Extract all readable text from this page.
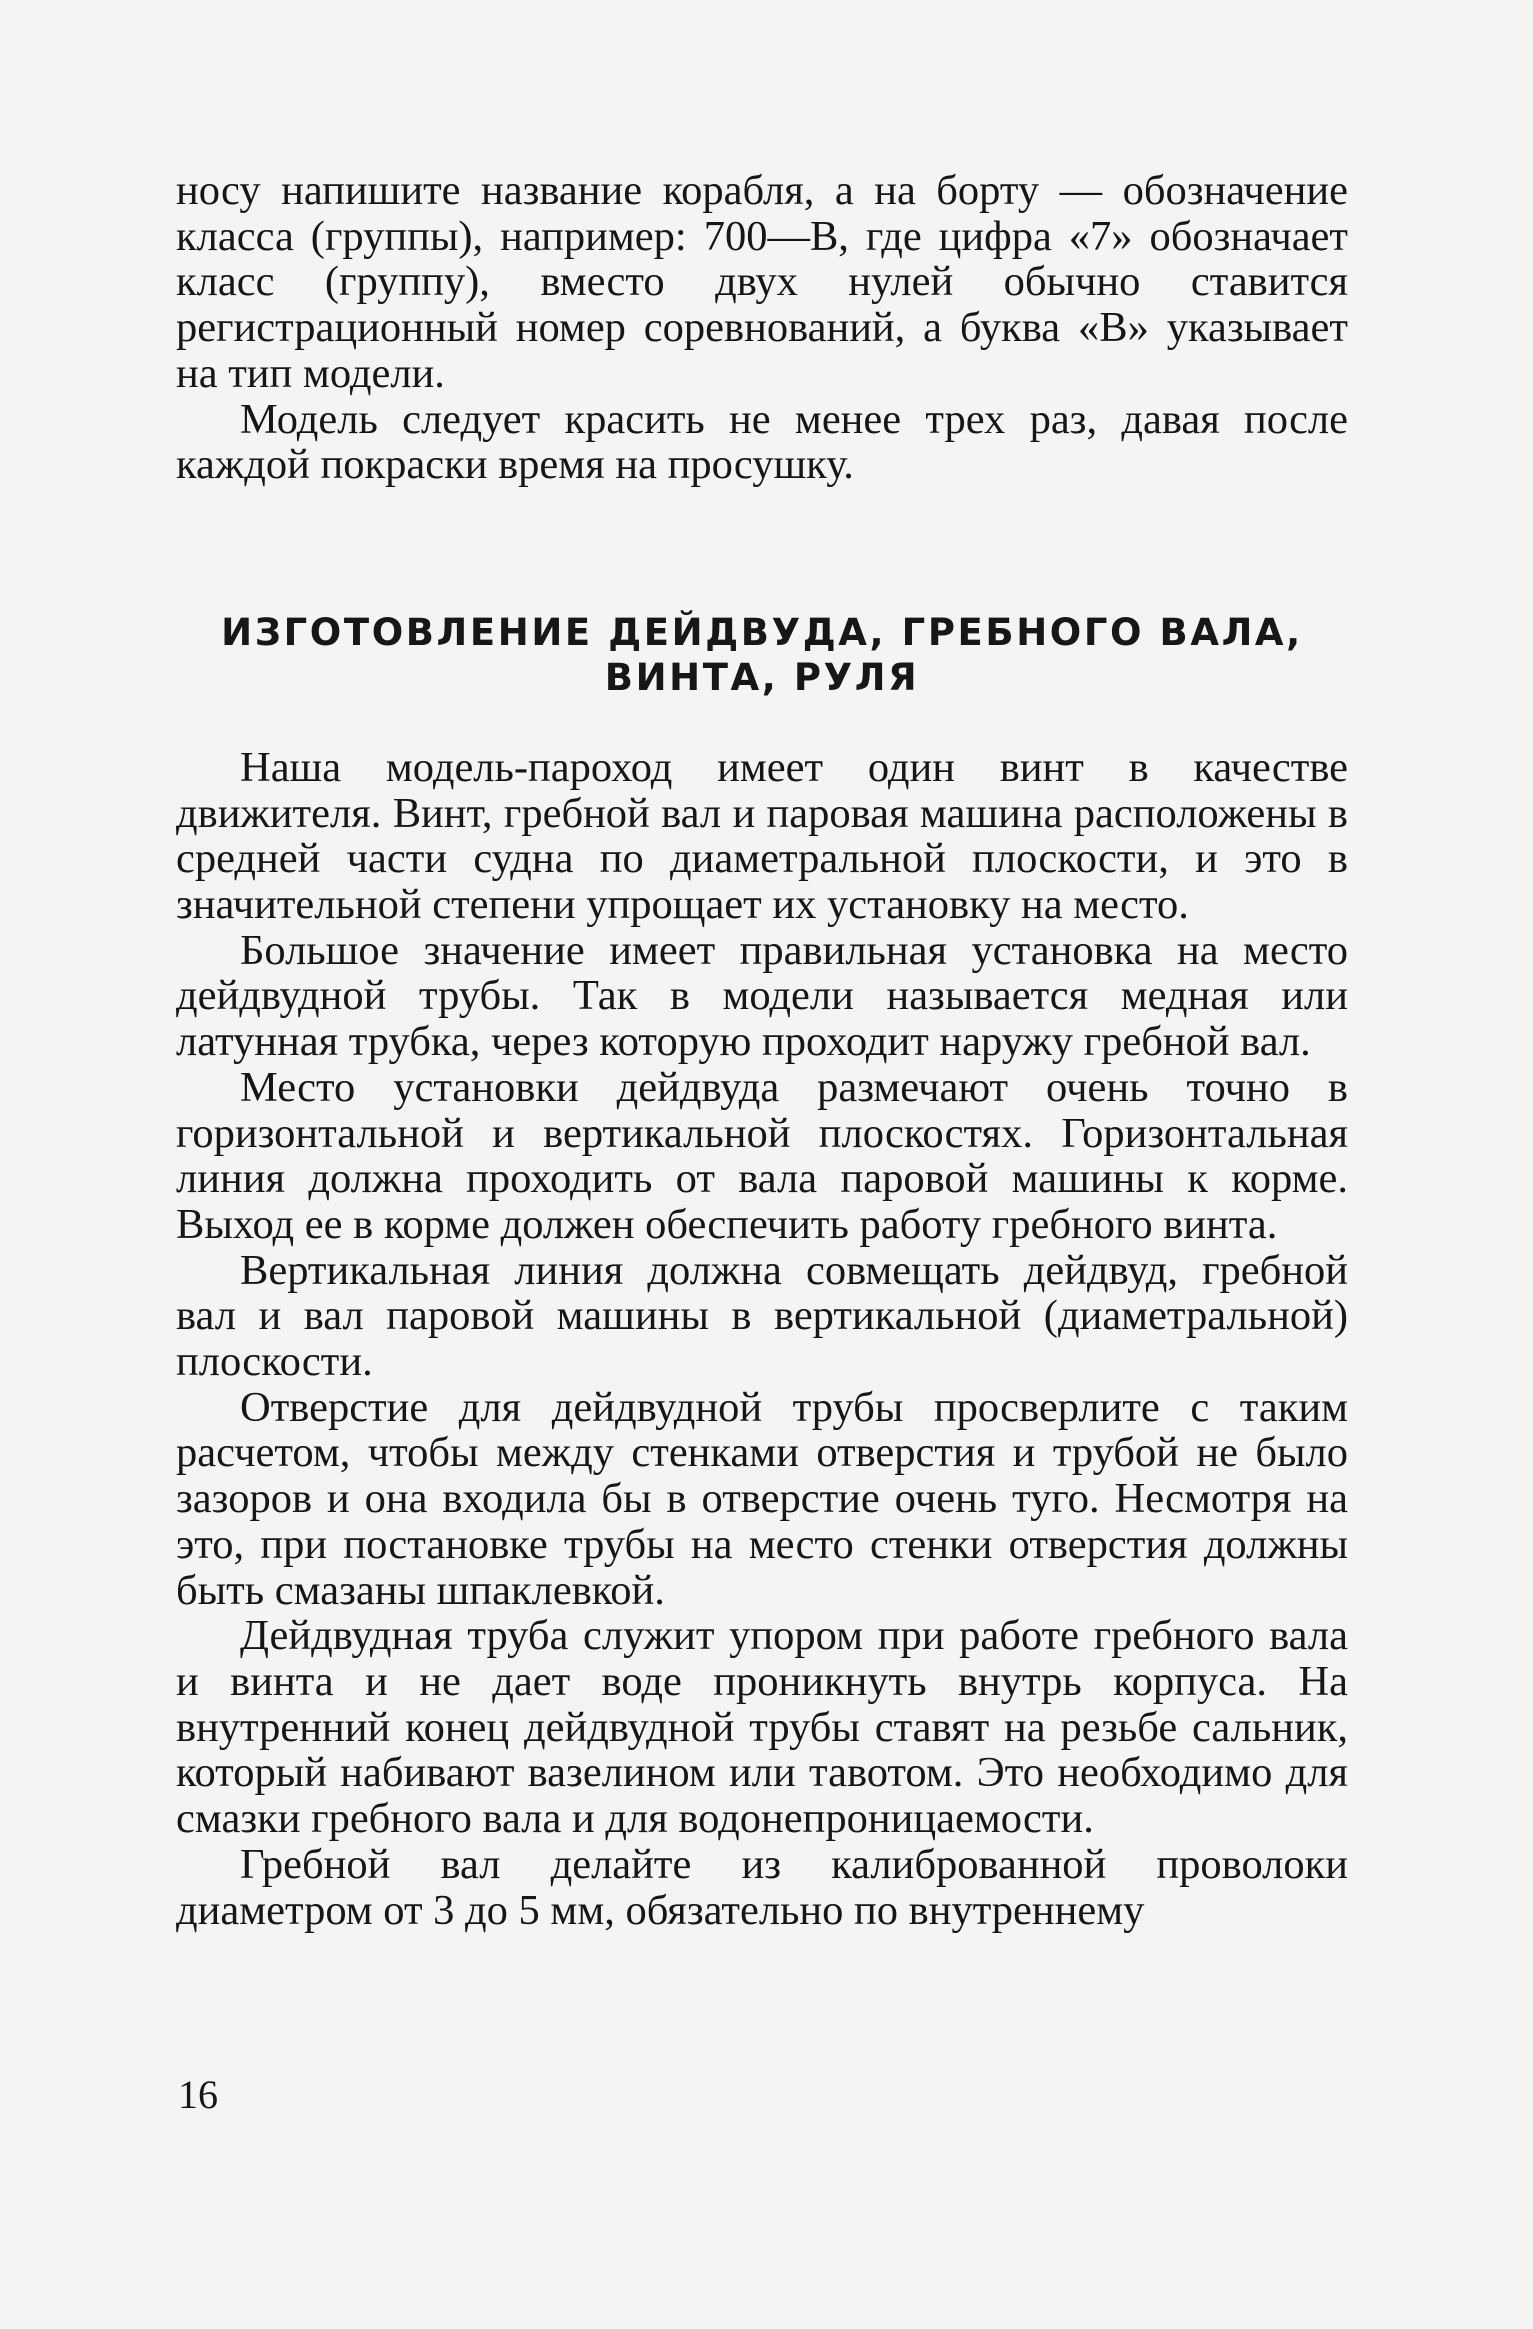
носу напишите название корабля, а на борту — обозначение класса (группы), например: 700—В, где цифра «7» обозначает класс (группу), вместо двух нулей обычно ставится регистрационный номер соревнований, а буква «В» указывает на тип модели.

Модель следует красить не менее трех раз, давая после каждой покраски время на просушку.

ИЗГОТОВЛЕНИЕ ДЕЙДВУДА, ГРЕБНОГО ВАЛА,
ВИНТА, РУЛЯ

Наша модель-пароход имеет один винт в качестве движителя. Винт, гребной вал и паровая машина расположены в средней части судна по диаметральной плоскости, и это в значительной степени упрощает их установку на место.

Большое значение имеет правильная установка на место дейдвудной трубы. Так в модели называется медная или латунная трубка, через которую проходит наружу гребной вал.

Место установки дейдвуда размечают очень точно в горизонтальной и вертикальной плоскостях. Горизонтальная линия должна проходить от вала паровой машины к корме. Выход ее в корме должен обеспечить работу гребного винта.

Вертикальная линия должна совмещать дейдвуд, гребной вал и вал паровой машины в вертикальной (диаметральной) плоскости.

Отверстие для дейдвудной трубы просверлите с таким расчетом, чтобы между стенками отверстия и трубой не было зазоров и она входила бы в отверстие очень туго. Несмотря на это, при постановке трубы на место стенки отверстия должны быть смазаны шпаклевкой.

Дейдвудная труба служит упором при работе гребного вала и винта и не дает воде проникнуть внутрь корпуса. На внутренний конец дейдвудной трубы ставят на резьбе сальник, который набивают вазелином или тавотом. Это необходимо для смазки гребного вала и для водонепроницаемости.

Гребной вал делайте из калиброванной проволоки диаметром от 3 до 5 мм, обязательно по внутреннему

16
